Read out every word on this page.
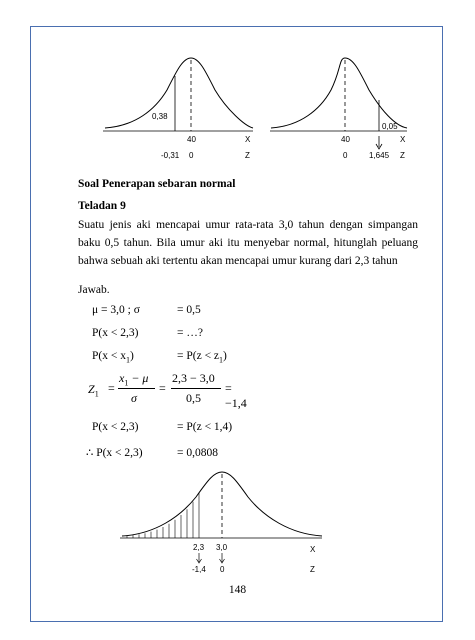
0,38
40	X
-0,31 0	Z
0,05
40	X
0	1,645 Z
Soal Penerapan sebaran normal
Teladan 9
Suatu jenis aki mencapai umur rata-rata 3,0 tahun dengan simpangan baku 0,5 tahun. Bila umur aki itu menyebar normal, hitunglah peluang bahwa sebuah aki tertentu akan mencapai umur kurang dari 2,3 tahun
Jawab.
μ = 3,0 ; σ	= 0,5
P(x < 2,3)	= …?
$P(x < x_1)$	= $P(z < z_1)$
$Z_1$ =
$x_1 - \mu$
σ
=
2,3 − 3,0
0,5
= −1,4
P(x < 2,3)	= P(z < 1,4)
∴ P(x < 2,3)	= 0,0808
2,3 3,0	X
-1,4 0	Z
148
